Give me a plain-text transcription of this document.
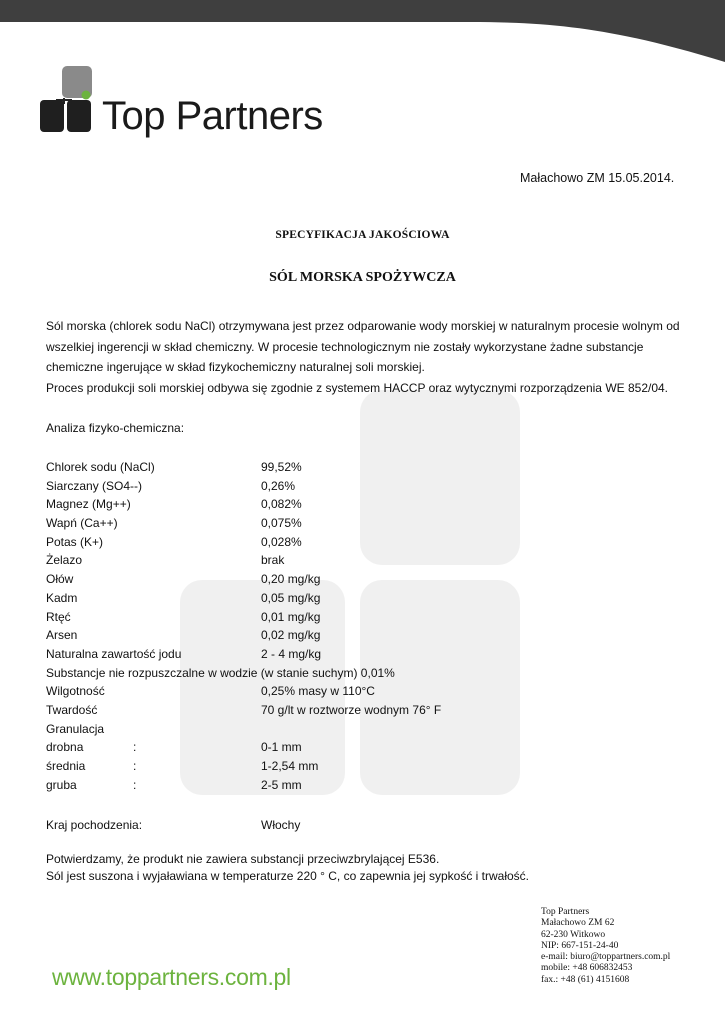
Top Partners
Małachowo ZM 15.05.2014.
SPECYFIKACJA JAKOŚCIOWA
SÓL MORSKA SPOŻYWCZA

Sól morska (chlorek sodu NaCl) otrzymywana jest przez odparowanie wody morskiej w naturalnym procesie wolnym od wszelkiej ingerencji w skład chemiczny. W procesie technologicznym nie zostały wykorzystane żadne substancje chemiczne ingerujące w skład fizykochemiczny naturalnej soli morskiej.

Proces produkcji soli morskiej odbywa się zgodnie z systemem HACCP oraz wytycznymi rozporządzenia WE 852/04.

Analiza fizyko-chemiczna:
Chlorek sodu (NaCl)	99,52%
Siarczany (SO4--)	0,26%
Magnez (Mg++)	0,082%
Wapń (Ca++)	0,075%
Potas (K+)	0,028%
Żelazo	brak
Ołów	0,20 mg/kg
Kadm	0,05 mg/kg
Rtęć	0,01 mg/kg
Arsen	0,02 mg/kg
Naturalna zawartość jodu	2 - 4 mg/kg
Substancje nie rozpuszczalne w wodzie (w stanie suchym) 0,01%
Wilgotność	0,25% masy w 110°C
Twardość	70 g/lt w roztworze wodnym 76° F
Granulacja
drobna	:	0-1 mm
średnia	:	1-2,54 mm
gruba	:	2-5 mm
Kraj pochodzenia:	Włochy

Potwierdzamy, że produkt nie zawiera substancji przeciwzbrylającej E536.

Sól jest suszona i wyjaławiana w temperaturze 220 ° C, co zapewnia jej sypkość i trwałość.

Top Partners
Małachowo ZM 62
62-230 Witkowo
NIP: 667-151-24-40
e-mail: biuro@toppartners.com.pl
mobile: +48 606832453
fax.: +48 (61) 4151608
www.toppartners.com.pl
